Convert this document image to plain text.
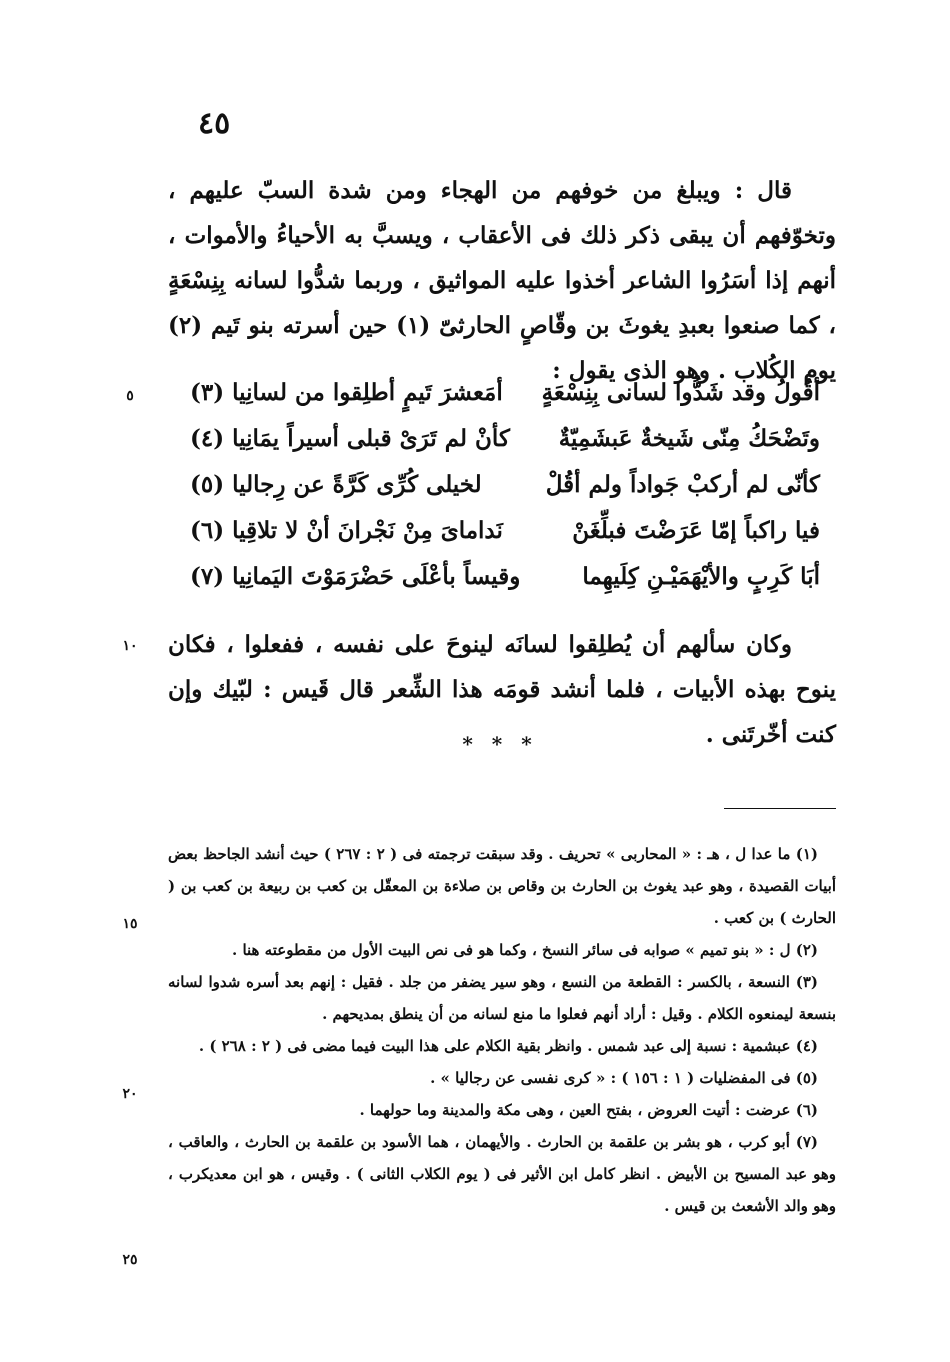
٤٥

قال : ويبلغ من خوفهم من الهجاء ومن شدة السبّ عليهم ، وتخوّفهم أن يبقى ذكر ذلك فى الأعقاب ، ويسبَّ به الأحياءُ والأموات ، أنهم إذا أسَرُوا الشاعر أخذوا عليه المواثيق ، وربما شدُّوا لسانه بِنِسْعَةٍ ، كما صنعوا بعبدِ يغوثَ بن وقّاصٍ الحارثىّ (١) حين أسرته بنو تَيم (٢) يوم الكُلاب . وهو الذى يقول :

أقُولُ وقد شَدُّوا لسانى بِنِسْعَةٍ
أمَعشرَ تَيمٍ أطلِقوا من لسانِيا (٣)
وتَضْحَكُ مِنّى شَيخةٌ عَبشَمِيّةٌ
كأنْ لم تَرَىْ قبلى أسيراً يمَانِيا (٤)
كأنّى لم أركبْ جَواداً ولم أقُلْ
لخيلى كُرِّى كَرَّةً عن رِجاليا (٥)
فيا راكباً إمّا عَرَضْتَ فبلِّغَنْ
نَداماىَ مِنْ نَجْرانَ أنْ لا تلاقِيا (٦)
أبَا كَرِبٍ والأيْهَمَيْـنِ كِلَيهِما
وقيساً بأعْلَى حَضْرَمَوْتَ اليَمانِيا (٧)

وكان سألهم أن يُطلِقوا لسانَه لينوحَ على نفسه ، ففعلوا ، فكان ينوح بهذه الأبيات ، فلما أنشد قومَه هذا الشِّعر قال قَيس : لبّيك وإن كنت أخّرتَنى .

* * *

(١) ما عدا ل ، هـ : « المحاربى » تحريف . وقد سبقت ترجمته فى ( ٢ : ٢٦٧ ) حيث أنشد الجاحظ بعض أبيات القصيدة ، وهو عبد يغوث بن الحارث بن وقاص بن صلاءة بن المعقّل بن كعب بن ربيعة بن كعب بن ( الحارث ) بن كعب .

(٢) ل : « بنو تميم » صوابه فى سائر النسخ ، وكما هو فى نص البيت الأول من مقطوعته هنا .

(٣) النسعة ، بالكسر : القطعة من النسع ، وهو سير يضفر من جلد . فقيل : إنهم بعد أسره شدوا لسانه بنسعة ليمنعوه الكلام . وقيل : أراد أنهم فعلوا ما منع لسانه من أن ينطق بمديحهم .

(٤) عبشمية : نسبة إلى عبد شمس . وانظر بقية الكلام على هذا البيت فيما مضى فى ( ٢ : ٢٦٨ ) .

(٥) فى المفضليات ( ١ : ١٥٦ ) : « كرى نفسى عن رجاليا » .

(٦) عرضت : أتيت العروض ، بفتح العين ، وهى مكة والمدينة وما حولهما .

(٧) أبو كرب ، هو بشر بن علقمة بن الحارث . والأيهمان ، هما الأسود بن علقمة بن الحارث ، والعاقب ، وهو عبد المسيح بن الأبيض . انظر كامل ابن الأثير فى ( يوم الكلاب الثانى ) . وقيس ، هو ابن معديكرب ، وهو والد الأشعث بن قيس .

٥
١٠
١٥
٢٠
٢٥
